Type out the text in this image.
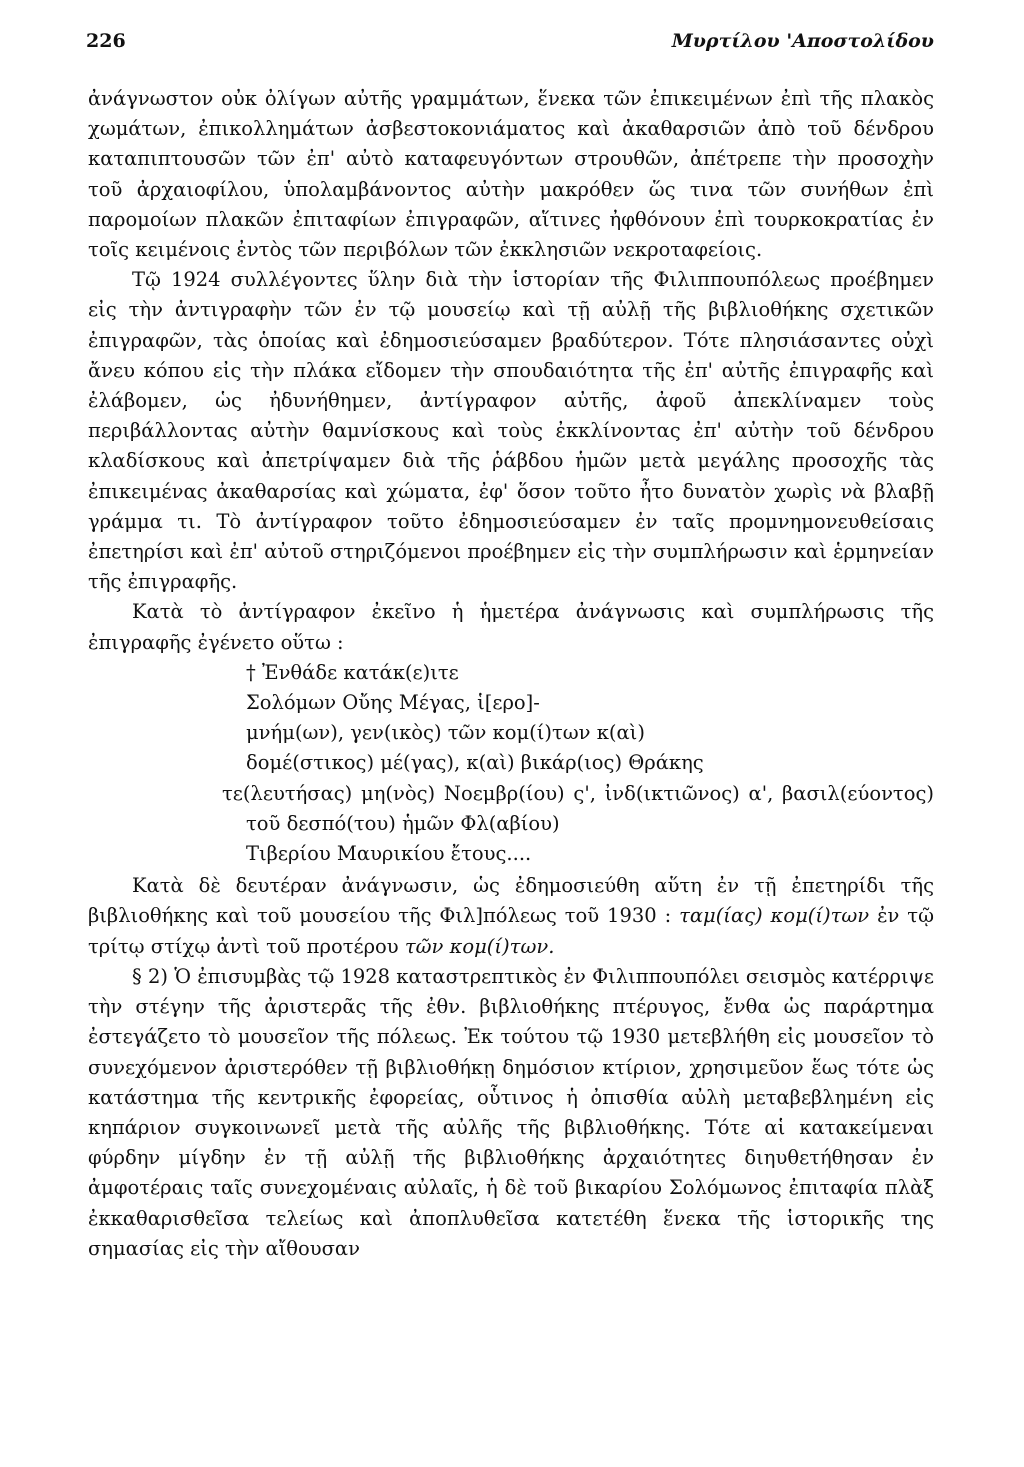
226	Μυρτίλου 'Αποστολίδου

ἀνάγνωστον οὐκ ὀλίγων αὐτῆς γραμμάτων, ἕνεκα τῶν ἐπικειμένων ἐπὶ τῆς πλακὸς χωμάτων, ἐπικολλημάτων ἀσβεστοκονιάματος καὶ ἀκαθαρσιῶν ἀπὸ τοῦ δένδρου καταπιπτουσῶν τῶν ἐπ' αὐτὸ καταφευγόντων στρουθῶν, ἀπέτρεπε τὴν προσοχὴν τοῦ ἀρχαιοφίλου, ὑπολαμβάνοντος αὐτὴν μακρόθεν ὥς τινα τῶν συνήθων ἐπὶ παρομοίων πλακῶν ἐπιταφίων ἐπιγραφῶν, αἵτινες ἠφθόνουν ἐπὶ τουρκοκρατίας ἐν τοῖς κειμένοις ἐντὸς τῶν περιβόλων τῶν ἐκκλησιῶν νεκροταφείοις.

Τῷ 1924 συλλέγοντες ὕλην διὰ τὴν ἱστορίαν τῆς Φιλιππουπόλεως προέβημεν εἰς τὴν ἀντιγραφὴν τῶν ἐν τῷ μουσείῳ καὶ τῇ αὐλῇ τῆς βιβλιοθήκης σχετικῶν ἐπιγραφῶν, τὰς ὁποίας καὶ ἐδημοσιεύσαμεν βραδύτερον. Τότε πλησιάσαντες οὐχὶ ἄνευ κόπου εἰς τὴν πλάκα εἴδομεν τὴν σπουδαιότητα τῆς ἐπ' αὐτῆς ἐπιγραφῆς καὶ ἐλάβομεν, ὡς ἠδυνήθημεν, ἀντίγραφον αὐτῆς, ἀφοῦ ἀπεκλίναμεν τοὺς περιβάλλοντας αὐτὴν θαμνίσκους καὶ τοὺς ἐκκλίνοντας ἐπ' αὐτὴν τοῦ δένδρου κλαδίσκους καὶ ἀπετρίψαμεν διὰ τῆς ῥάβδου ἡμῶν μετὰ μεγάλης προσοχῆς τὰς ἐπικειμένας ἀκαθαρσίας καὶ χώματα, ἐφ' ὅσον τοῦτο ἦτο δυνατὸν χωρὶς νὰ βλαβῇ γράμμα τι. Τὸ ἀντίγραφον τοῦτο ἐδημοσιεύσαμεν ἐν ταῖς προμνημονευθείσαις ἐπετηρίσι καὶ ἐπ' αὐτοῦ στηριζόμενοι προέβημεν εἰς τὴν συμπλήρωσιν καὶ ἑρμηνείαν τῆς ἐπιγραφῆς.

Κατὰ τὸ ἀντίγραφον ἐκεῖνο ἡ ἡμετέρα ἀνάγνωσις καὶ συμπλήρωσις τῆς ἐπιγραφῆς ἐγένετο οὕτω :

† Ἐνθάδε κατάκ(ε)ιτε
Σολόμων Οὔης Μέγας, ἱ[ερο]-
μνήμ(ων), γεν(ικὸς) τῶν κομ(ί)των κ(αὶ)
δομέ(στικος) μέ(γας), κ(αὶ) βικάρ(ιος) Θράκης
τε(λευτήσας) μη(νὸς) Νοεμβρ(ίου) ς', ἰνδ(ικτιῶνος) α', βασιλ(εύοντος) τοῦ δεσπό(του) ἡμῶν Φλ(αβίου)
Τιβερίου Μαυρικίου ἔτους....

Κατὰ δὲ δευτέραν ἀνάγνωσιν, ὡς ἐδημοσιεύθη αὕτη ἐν τῇ ἐπετηρίδι τῆς βιβλιοθήκης καὶ τοῦ μουσείου τῆς Φιλ]πόλεως τοῦ 1930 : ταμ(ίας) κομ(ί)των ἐν τῷ τρίτῳ στίχῳ ἀντὶ τοῦ προτέρου τῶν κομ(ί)των.

§ 2) Ὁ ἐπισυμβὰς τῷ 1928 καταστρεπτικὸς ἐν Φιλιππουπόλει σεισμὸς κατέρριψε τὴν στέγην τῆς ἀριστερᾶς τῆς ἐθν. βιβλιοθήκης πτέρυγος, ἔνθα ὡς παράρτημα ἐστεγάζετο τὸ μουσεῖον τῆς πόλεως. Ἐκ τούτου τῷ 1930 μετεβλήθη εἰς μουσεῖον τὸ συνεχόμενον ἀριστερόθεν τῇ βιβλιοθήκῃ δημόσιον κτίριον, χρησιμεῦον ἕως τότε ὡς κατάστημα τῆς κεντρικῆς ἐφορείας, οὗτινος ἡ ὀπισθία αὐλὴ μεταβεβλημένη εἰς κηπάριον συγκοινωνεῖ μετὰ τῆς αὐλῆς τῆς βιβλιοθήκης. Τότε αἱ κατακείμεναι φύρδην μίγδην ἐν τῇ αὐλῇ τῆς βιβλιοθήκης ἀρχαιότητες διηυθετήθησαν ἐν ἀμφοτέραις ταῖς συνεχομέναις αὐλαῖς, ἡ δὲ τοῦ βικαρίου Σολόμωνος ἐπιταφία πλὰξ ἐκκαθαρισθεῖσα τελείως καὶ ἀποπλυθεῖσα κατετέθη ἕνεκα τῆς ἱστορικῆς της σημασίας εἰς τὴν αἴθουσαν
